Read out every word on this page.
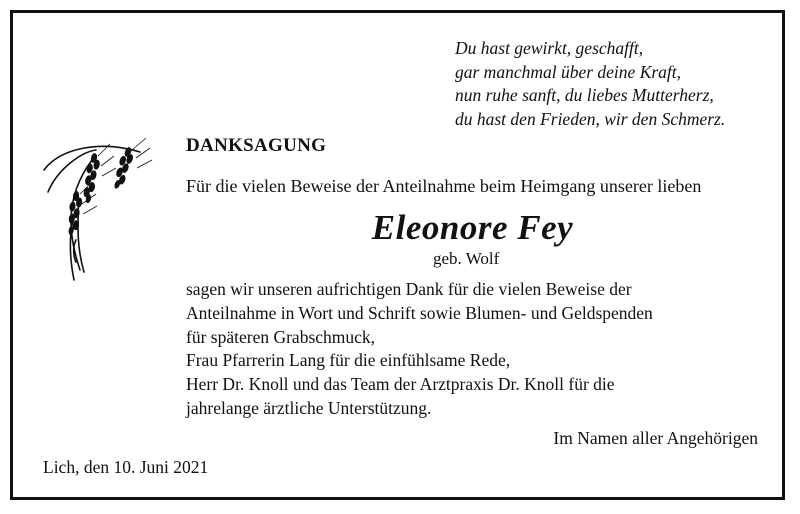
Du hast gewirkt, geschafft,
gar manchmal über deine Kraft,
nun ruhe sanft, du liebes Mutterherz,
du hast den Frieden, wir den Schmerz.
DANKSAGUNG
Für die vielen Beweise der Anteilnahme beim Heimgang unserer lieben
Eleonore Fey
geb. Wolf
sagen wir unseren aufrichtigen Dank für die vielen Beweise der
Anteilnahme in Wort und Schrift sowie Blumen- und Geldspenden
für späteren Grabschmuck,
Frau Pfarrerin Lang für die einfühlsame Rede,
Herr Dr. Knoll und das Team der Arztpraxis Dr. Knoll für die
jahrelange ärztliche Unterstützung.
Im Namen aller Angehörigen
Lich, den 10. Juni 2021
